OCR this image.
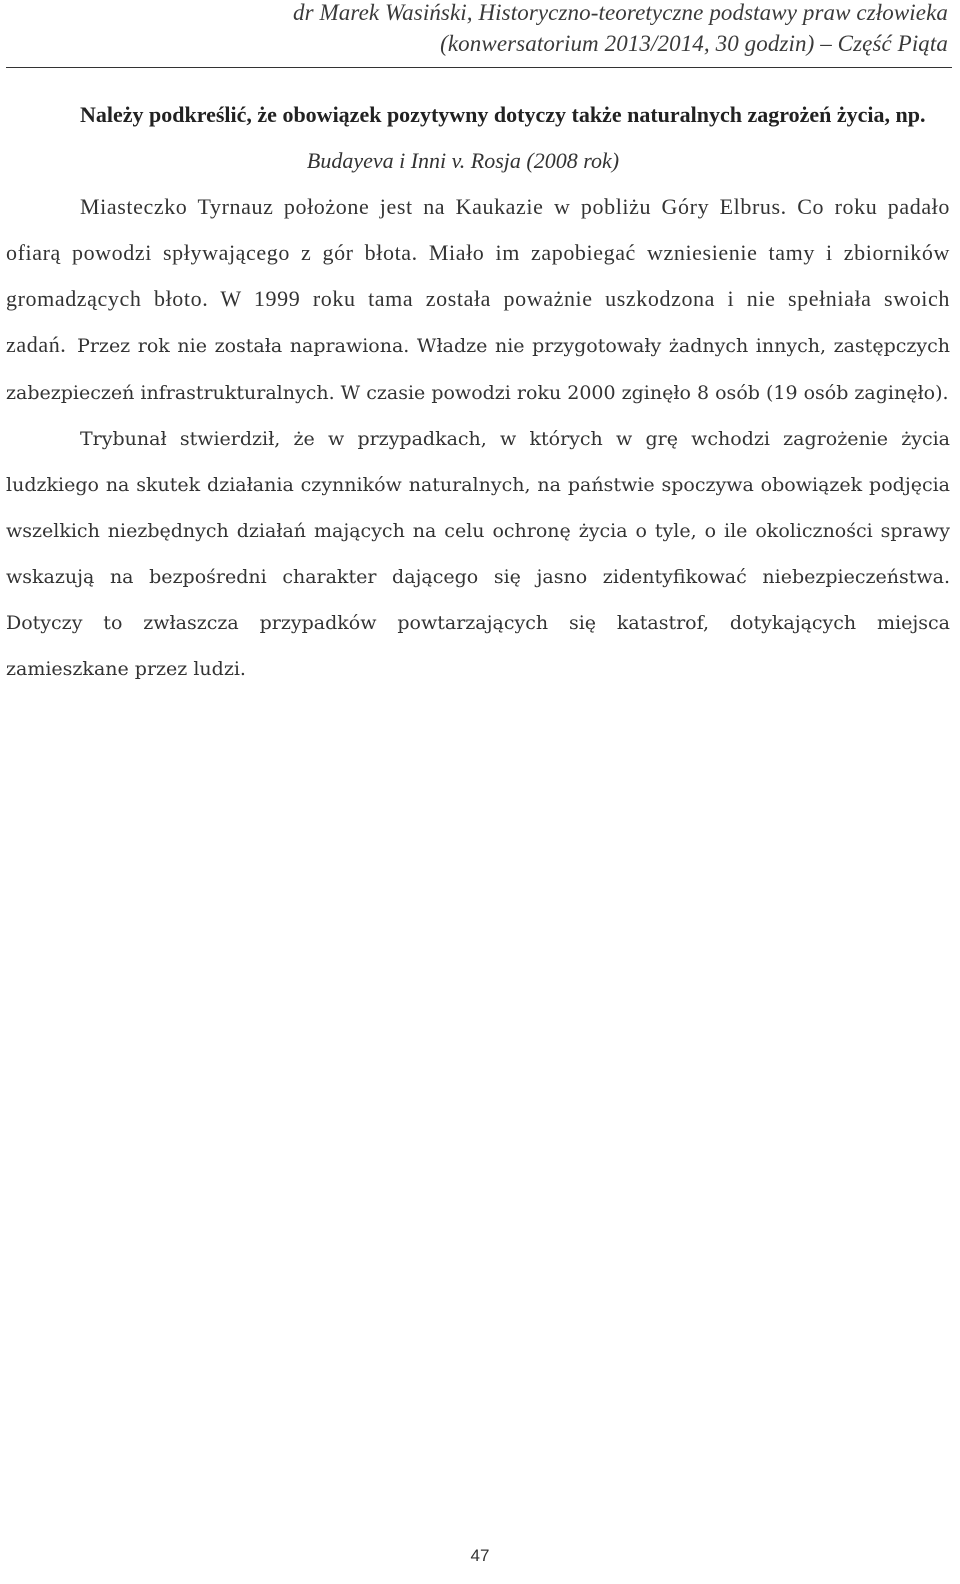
dr Marek Wasiński, Historyczno-teoretyczne podstawy praw człowieka
(konwersatorium 2013/2014, 30 godzin) – Część Piąta

Należy podkreślić, że obowiązek pozytywny dotyczy także naturalnych zagrożeń życia, np.

Budayeva i Inni v. Rosja (2008 rok)

Miasteczko Tyrnauz położone jest na Kaukazie w pobliżu Góry Elbrus. Co roku padało ofiarą powodzi spływającego z gór błota. Miało im zapobiegać wzniesienie tamy i zbiorników gromadzących błoto. W 1999 roku tama została poważnie uszkodzona i nie spełniała swoich zadań. Przez rok nie została naprawiona. Władze nie przygotowały żadnych innych, zastępczych zabezpieczeń infrastrukturalnych. W czasie powodzi roku 2000 zginęło 8 osób (19 osób zaginęło).

Trybunał stwierdził, że w przypadkach, w których w grę wchodzi zagrożenie życia ludzkiego na skutek działania czynników naturalnych, na państwie spoczywa obowiązek podjęcia wszelkich niezbędnych działań mających na celu ochronę życia o tyle, o ile okoliczności sprawy wskazują na bezpośredni charakter dającego się jasno zidentyfikować niebezpieczeństwa. Dotyczy to zwłaszcza przypadków powtarzających się katastrof, dotykających miejsca zamieszkane przez ludzi.

47
